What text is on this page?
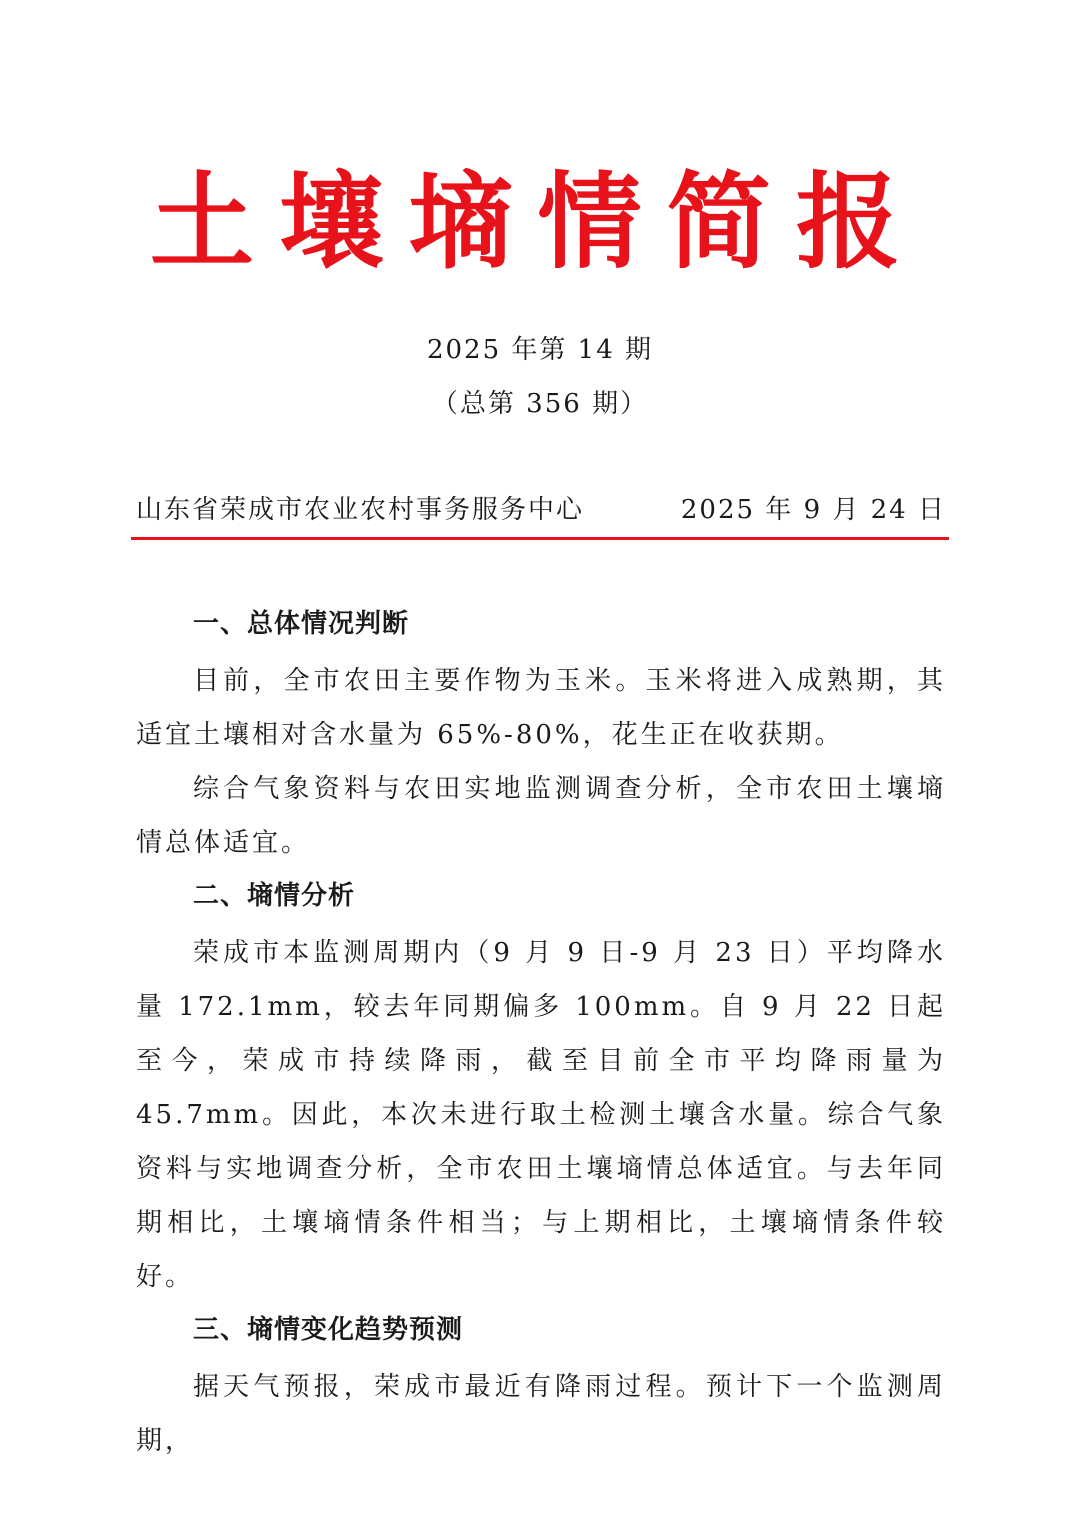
土 壤 墒 情 简 报
2025 年第 14 期
（总第 356 期）
山东省荣成市农业农村事务服务中心	2025 年 9 月 24 日
一、总体情况判断

目前，全市农田主要作物为玉米。玉米将进入成熟期，其适宜土壤相对含水量为 65%-80%，花生正在收获期。

综合气象资料与农田实地监测调查分析，全市农田土壤墒情总体适宜。

二、墒情分析

荣成市本监测周期内（9 月 9 日-9 月 23 日）平均降水量 172.1mm，较去年同期偏多 100mm。自 9 月 22 日起至今，荣成市持续降雨，截至目前全市平均降雨量为 45.7mm。因此，本次未进行取土检测土壤含水量。综合气象资料与实地调查分析，全市农田土壤墒情总体适宜。与去年同期相比，土壤墒情条件相当；与上期相比，土壤墒情条件较好。

三、墒情变化趋势预测

据天气预报，荣成市最近有降雨过程。预计下一个监测周期，
